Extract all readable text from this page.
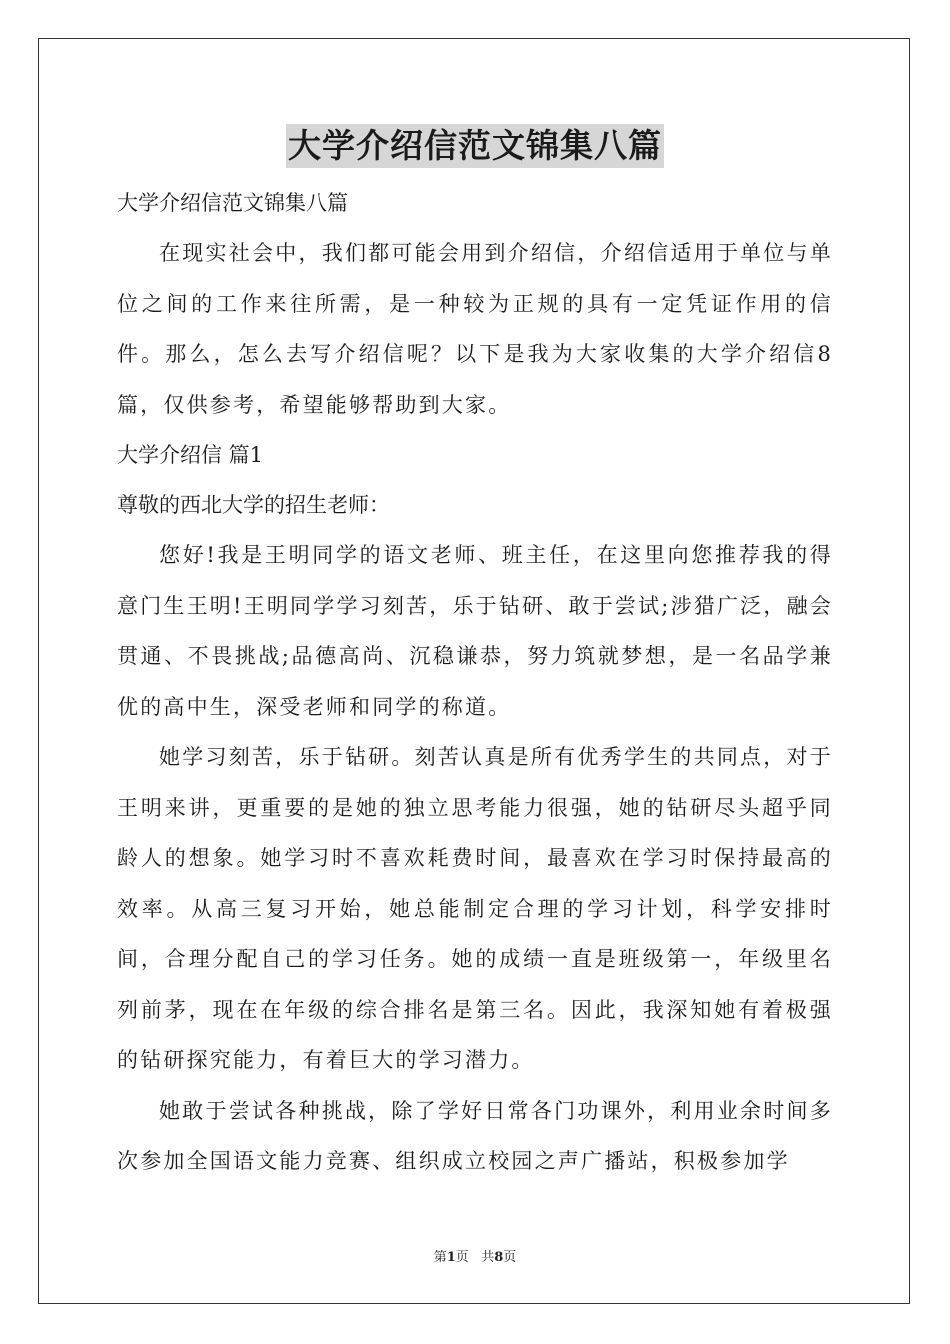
大学介绍信范文锦集八篇

大学介绍信范文锦集八篇

在现实社会中，我们都可能会用到介绍信，介绍信适用于单位与单位之间的工作来往所需，是一种较为正规的具有一定凭证作用的信件。那么，怎么去写介绍信呢？以下是我为大家收集的大学介绍信8篇，仅供参考，希望能够帮助到大家。

大学介绍信 篇1

尊敬的西北大学的招生老师：

您好!我是王明同学的语文老师、班主任，在这里向您推荐我的得意门生王明!王明同学学习刻苦，乐于钻研、敢于尝试;涉猎广泛，融会贯通、不畏挑战;品德高尚、沉稳谦恭，努力筑就梦想，是一名品学兼优的高中生，深受老师和同学的称道。

她学习刻苦，乐于钻研。刻苦认真是所有优秀学生的共同点，对于王明来讲，更重要的是她的独立思考能力很强，她的钻研尽头超乎同龄人的想象。她学习时不喜欢耗费时间，最喜欢在学习时保持最高的效率。从高三复习开始，她总能制定合理的学习计划，科学安排时间，合理分配自己的学习任务。她的成绩一直是班级第一，年级里名列前茅，现在在年级的综合排名是第三名。因此，我深知她有着极强的钻研探究能力，有着巨大的学习潜力。

她敢于尝试各种挑战，除了学好日常各门功课外，利用业余时间多次参加全国语文能力竞赛、组织成立校园之声广播站，积极参加学

第1页   共8页
